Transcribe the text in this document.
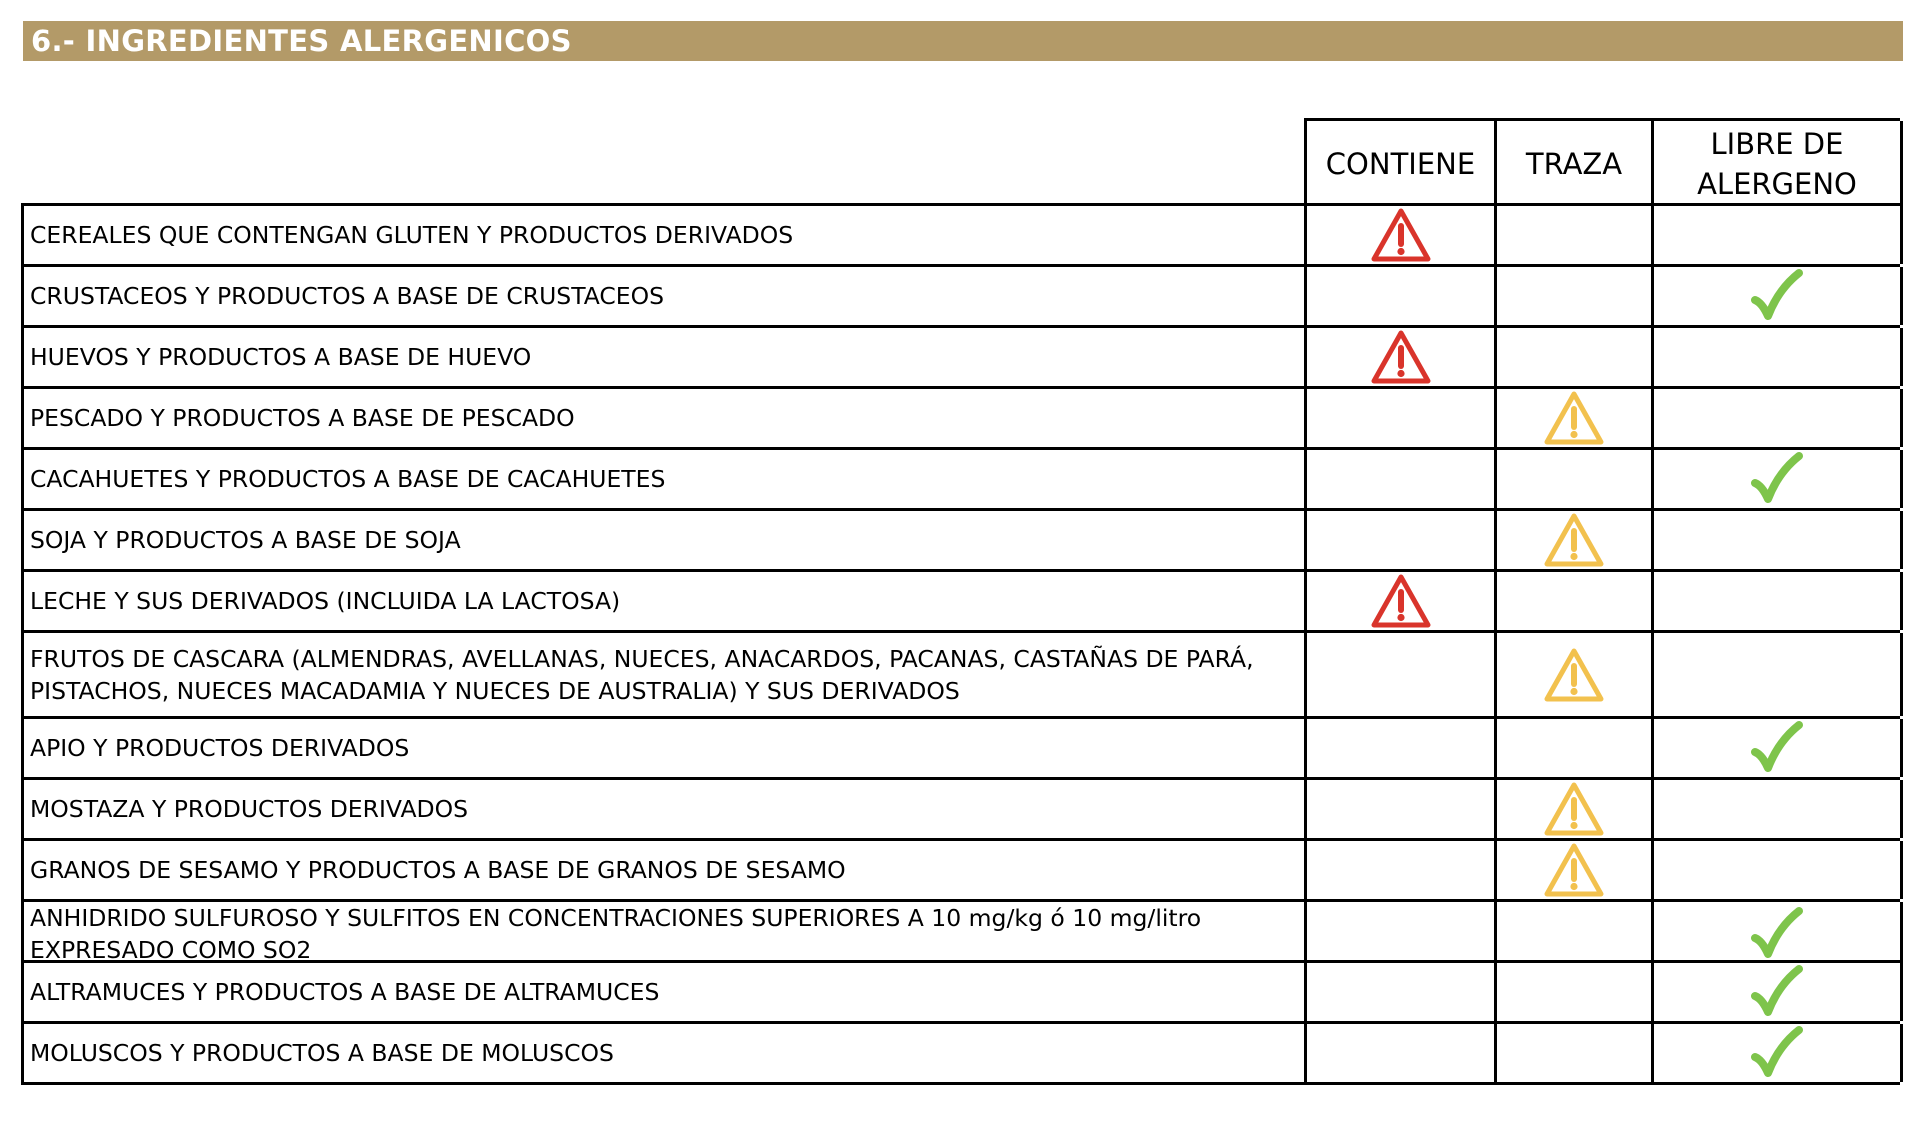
6.- INGREDIENTES ALERGENICOS
CONTIENE	TRAZA
LIBRE DE
ALERGENO
CEREALES QUE CONTENGAN GLUTEN Y PRODUCTOS DERIVADOS
CRUSTACEOS Y PRODUCTOS A BASE DE CRUSTACEOS
HUEVOS Y PRODUCTOS A BASE DE HUEVO
PESCADO Y PRODUCTOS A BASE DE PESCADO
CACAHUETES Y PRODUCTOS A BASE DE CACAHUETES
SOJA Y PRODUCTOS A BASE DE SOJA
LECHE Y SUS DERIVADOS (INCLUIDA LA LACTOSA)
FRUTOS DE CASCARA (ALMENDRAS, AVELLANAS, NUECES, ANACARDOS, PACANAS, CASTAÑAS DE PARÁ, PISTACHOS, NUECES MACADAMIA Y NUECES DE AUSTRALIA) Y SUS DERIVADOS
APIO Y PRODUCTOS DERIVADOS
MOSTAZA Y PRODUCTOS DERIVADOS
GRANOS DE SESAMO Y PRODUCTOS A BASE DE GRANOS DE SESAMO
ANHIDRIDO SULFUROSO Y SULFITOS EN CONCENTRACIONES SUPERIORES A 10 mg/kg ó 10 mg/litro EXPRESADO COMO SO2
ALTRAMUCES Y PRODUCTOS A BASE DE ALTRAMUCES
MOLUSCOS Y PRODUCTOS A BASE DE MOLUSCOS
